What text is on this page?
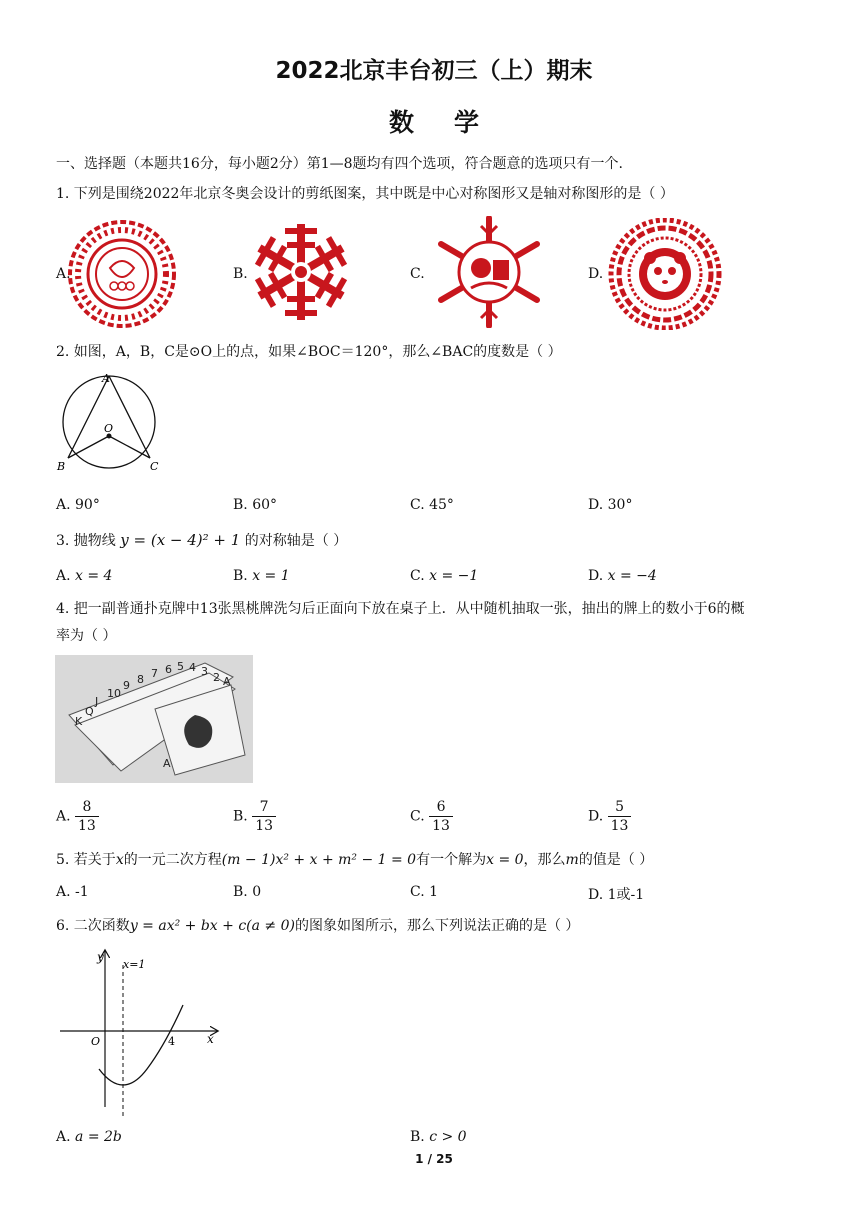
2022北京丰台初三（上）期末
数学
一、选择题（本题共16分，每小题2分）第1—8题均有四个选项，符合题意的选项只有一个.
1. 下列是围绕2022年北京冬奥会设计的剪纸图案，其中既是中心对称图形又是轴对称图形的是（ ）
A.	B.	C.	D.
2. 如图，A，B，C是⊙O上的点，如果∠BOC＝120°，那么∠BAC的度数是（ ）
A
O
B	C
A. 90°	B. 60°	C. 45°	D. 30°
3. 抛物线 y = (x − 4)² + 1 的对称轴是（ ）
A. x = 4	B. x = 1	C. x = −1	D. x = −4
4. 把一副普通扑克牌中13张黑桃牌洗匀后正面向下放在桌子上．从中随机抽取一张，抽出的牌上的数小于6的概
率为（ ）
K
Q
J
10
9 8 7 6 5 4 3 2 A
A
A. $\frac{8}{13}$	B. $\frac{7}{13}$	C. $\frac{6}{13}$	D. $\frac{5}{13}$
5. 若关于x的一元二次方程(m − 1)x² + x + m² − 1 = 0有一个解为x = 0，那么m的值是（ ）
A. -1	B. 0	C. 1	D. 1或-1
6. 二次函数y = ax² + bx + c(a ≠ 0)的图象如图所示，那么下列说法正确的是（ ）
y
x=1
O	4	x
A. a = 2b	B. c > 0
1 / 25
